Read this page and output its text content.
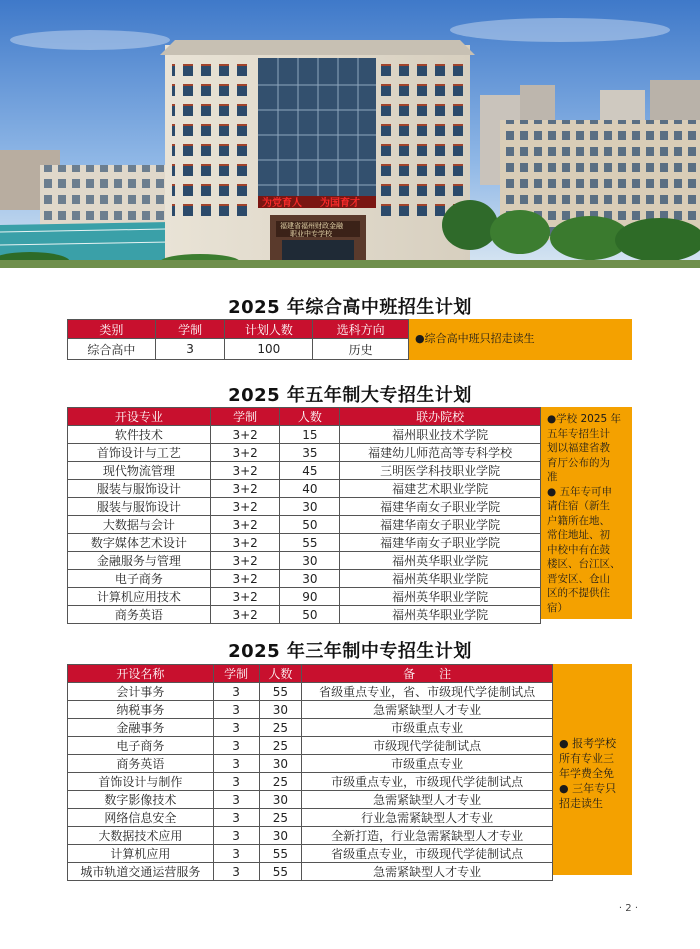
为党育人 为国育才
福建省福州财政金融
职业中专学校
2025 年综合高中班招生计划
类别	学制	计划人数	选科方向
综合高中	3	100	历史
●综合高中班只招走读生
2025 年五年制大专招生计划
开设专业	学制	人数	联办院校
软件技术	3+2	15	福州职业技术学院
首饰设计与工艺	3+2	35	福建幼儿师范高等专科学校
现代物流管理	3+2	45	三明医学科技职业学院
服装与服饰设计	3+2	40	福建艺术职业学院
服装与服饰设计	3+2	30	福建华南女子职业学院
大数据与会计	3+2	50	福建华南女子职业学院
数字媒体艺术设计	3+2	55	福建华南女子职业学院
金融服务与管理	3+2	30	福州英华职业学院
电子商务	3+2	30	福州英华职业学院
计算机应用技术	3+2	90	福州英华职业学院
商务英语	3+2	50	福州英华职业学院
●学校 2025 年
五年专招生计
划以福建省教
育厅公布的为
准
● 五年专可申
请住宿（新生
户籍所在地、
常住地址、初
中校中有在鼓
楼区、台江区、
晋安区、仓山
区的不提供住
宿）
2025 年三年制中专招生计划
开设名称	学制	人数	备　　注
会计事务	3	55	省级重点专业，省、市级现代学徒制试点
纳税事务	3	30	急需紧缺型人才专业
金融事务	3	25	市级重点专业
电子商务	3	25	市级现代学徒制试点
商务英语	3	30	市级重点专业
首饰设计与制作	3	25	市级重点专业，市级现代学徒制试点
数字影像技术	3	30	急需紧缺型人才专业
网络信息安全	3	25	行业急需紧缺型人才专业
大数据技术应用	3	30	全新打造，行业急需紧缺型人才专业
计算机应用	3	55	省级重点专业，市级现代学徒制试点
城市轨道交通运营服务	3	55	急需紧缺型人才专业
● 报考学校
所有专业三
年学费全免
● 三年专只
招走读生
· 2 ·
